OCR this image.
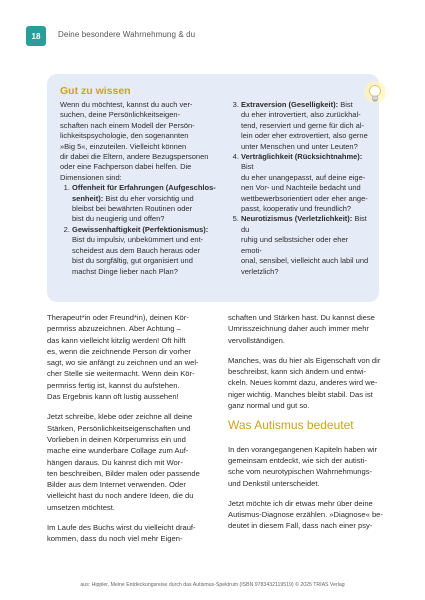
18	Deine besondere Wahrnehmung & du
Gut zu wissen

Wenn du möchtest, kannst du auch ver-
suchen, deine Persönlichkeitseigen-
schaften nach einem Modell der Persön-
lichkeitspsychologie, den sogenannten
»Big 5«, einzuteilen. Vielleicht können
dir dabei die Eltern, andere Bezugspersonen
oder eine Fachperson dabei helfen. Die
Dimensionen sind:

1. Offenheit für Erfahrungen (Aufgeschlos-
senheit): Bist du eher vorsichtig und
bleibst bei bewährten Routinen oder
bist du neugierig und offen?
2. Gewissenhaftigkeit (Perfektionismus):
Bist du impulsiv, unbekümmert und ent-
scheidest aus dem Bauch heraus oder
bist du sorgfältig, gut organisiert und
machst Dinge lieber nach Plan?
3. Extraversion (Geselligkeit): Bist
du eher introvertiert, also zurückhal-
tend, reserviert und gerne für dich al-
lein oder eher extrovertiert, also gerne
unter Menschen und unter Leuten?
4. Verträglichkeit (Rücksichtnahme): Bist
du eher unangepasst, auf deine eige-
nen Vor- und Nachteile bedacht und
wettbewerbsorientiert oder eher ange-
passt, kooperativ und freundlich?
5. Neurotizismus (Verletzlichkeit): Bist du
ruhig und selbstsicher oder eher emoti-
onal, sensibel, vielleicht auch labil und
verletzlich?

Therapeut*in oder Freund*in), deinen Kör-
permriss abzuzeichnen. Aber Achtung –
das kann vielleicht kitzlig werden! Oft hilft
es, wenn die zeichnende Person dir vorher
sagt, wo sie anfängt zu zeichnen und an wel-
cher Stelle sie weitermacht. Wenn dein Kör-
permriss fertig ist, kannst du aufstehen.
Das Ergebnis kann oft lustig aussehen!

Jetzt schreibe, klebe oder zeichne all deine
Stärken, Persönlichkeitseigenschaften und
Vorlieben in deinen Körperumriss ein und
mache eine wunderbare Collage zum Auf-
hängen daraus. Du kannst dich mit Wor-
ten beschreiben, Bilder malen oder passende
Bilder aus dem Internet verwenden. Oder
vielleicht hast du noch andere Ideen, die du
umsetzen möchtest.

Im Laufe des Buchs wirst du vielleicht drauf-
kommen, dass du noch viel mehr Eigen-

schaften und Stärken hast. Du kannst diese
Umrisszeichnung daher auch immer mehr
vervollständigen.

Manches, was du hier als Eigenschaft von dir
beschreibst, kann sich ändern und entwi-
ckeln. Neues kommt dazu, anderes wird we-
niger wichtig. Manches bleibt stabil. Das ist
ganz normal und gut so.

Was Autismus bedeutet

In den vorangegangenen Kapiteln haben wir
gemeinsam entdeckt, wie sich der autisti-
sche vom neurotypischen Wahrnehmungs-
und Denkstil unterscheidet.

Jetzt möchte ich dir etwas mehr über deine
Autismus-Diagnose erzählen. »Diagnose« be-
deutet in diesem Fall, dass nach einer psy-

aus: Hippler, Meine Entdeckungsreise durch das Autismus-Spektrum (ISBN 9783432119519) © 2025 TRIAS Verlag
